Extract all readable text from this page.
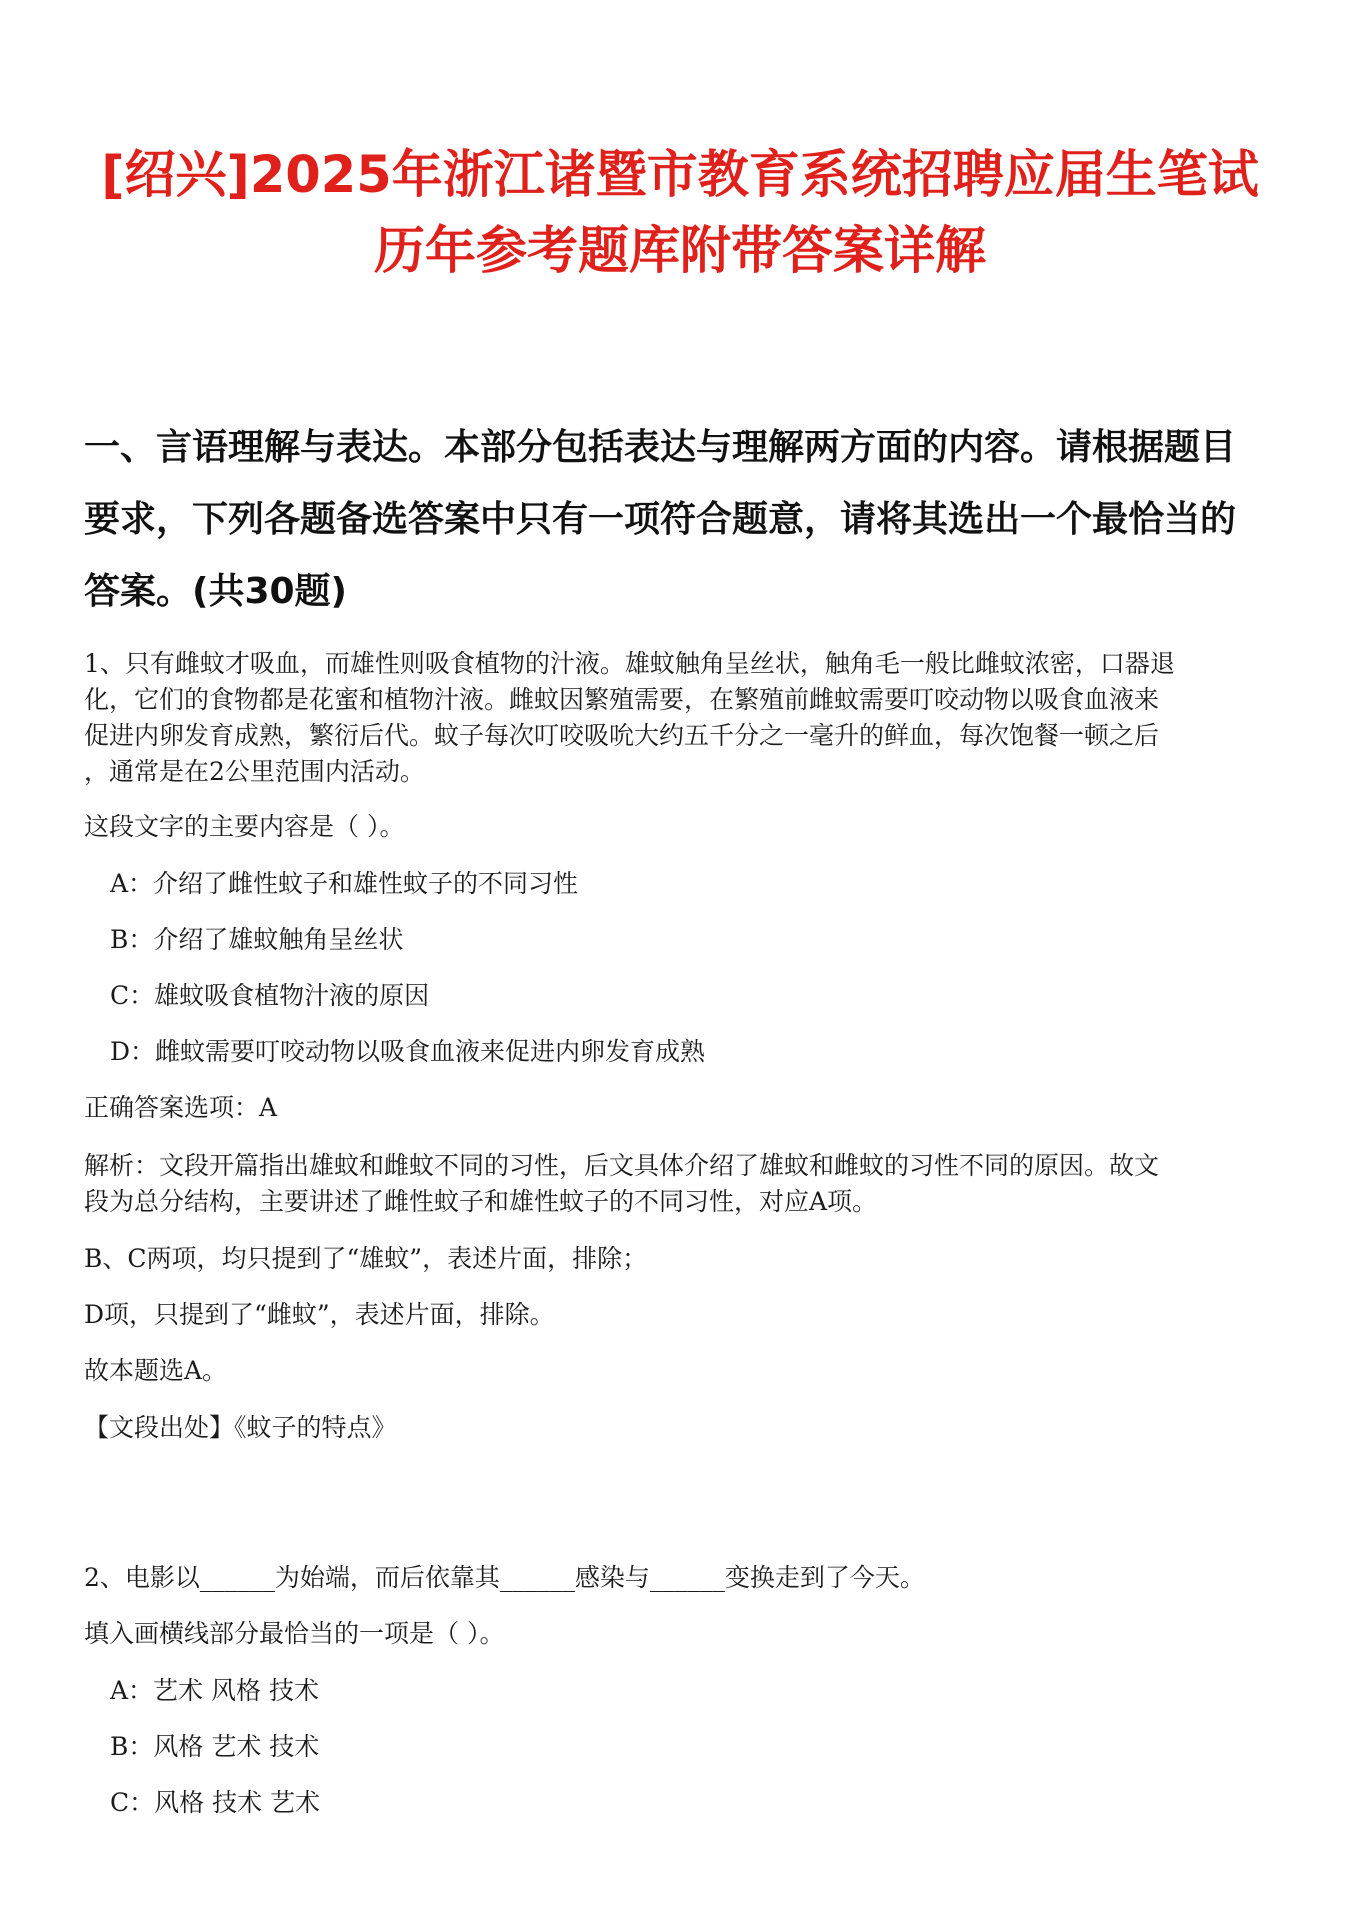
[绍兴]2025年浙江诸暨市教育系统招聘应届生笔试
历年参考题库附带答案详解
一、言语理解与表达。本部分包括表达与理解两方面的内容。请根据题目
要求，下列各题备选答案中只有一项符合题意，请将其选出一个最恰当的
答案。(共30题)
1、只有雌蚊才吸血，而雄性则吸食植物的汁液。雄蚊触角呈丝状，触角毛一般比雌蚊浓密，口器退
化，它们的食物都是花蜜和植物汁液。雌蚊因繁殖需要，在繁殖前雌蚊需要叮咬动物以吸食血液来
促进内卵发育成熟，繁衍后代。蚊子每次叮咬吸吮大约五千分之一毫升的鲜血，每次饱餐一顿之后
，通常是在2公里范围内活动。
这段文字的主要内容是（ ）。
A：介绍了雌性蚊子和雄性蚊子的不同习性
B：介绍了雄蚊触角呈丝状
C：雄蚊吸食植物汁液的原因
D：雌蚊需要叮咬动物以吸食血液来促进内卵发育成熟
正确答案选项：A
解析：文段开篇指出雄蚊和雌蚊不同的习性，后文具体介绍了雄蚊和雌蚊的习性不同的原因。故文
段为总分结构，主要讲述了雌性蚊子和雄性蚊子的不同习性，对应A项。
B、C两项，均只提到了“雄蚊”，表述片面，排除；
D项，只提到了“雌蚊”，表述片面，排除。
故本题选A。
【文段出处】《蚊子的特点》
2、电影以______为始端，而后依靠其______感染与______变换走到了今天。
填入画横线部分最恰当的一项是（ ）。
A：艺术 风格 技术
B：风格 艺术 技术
C：风格 技术 艺术
